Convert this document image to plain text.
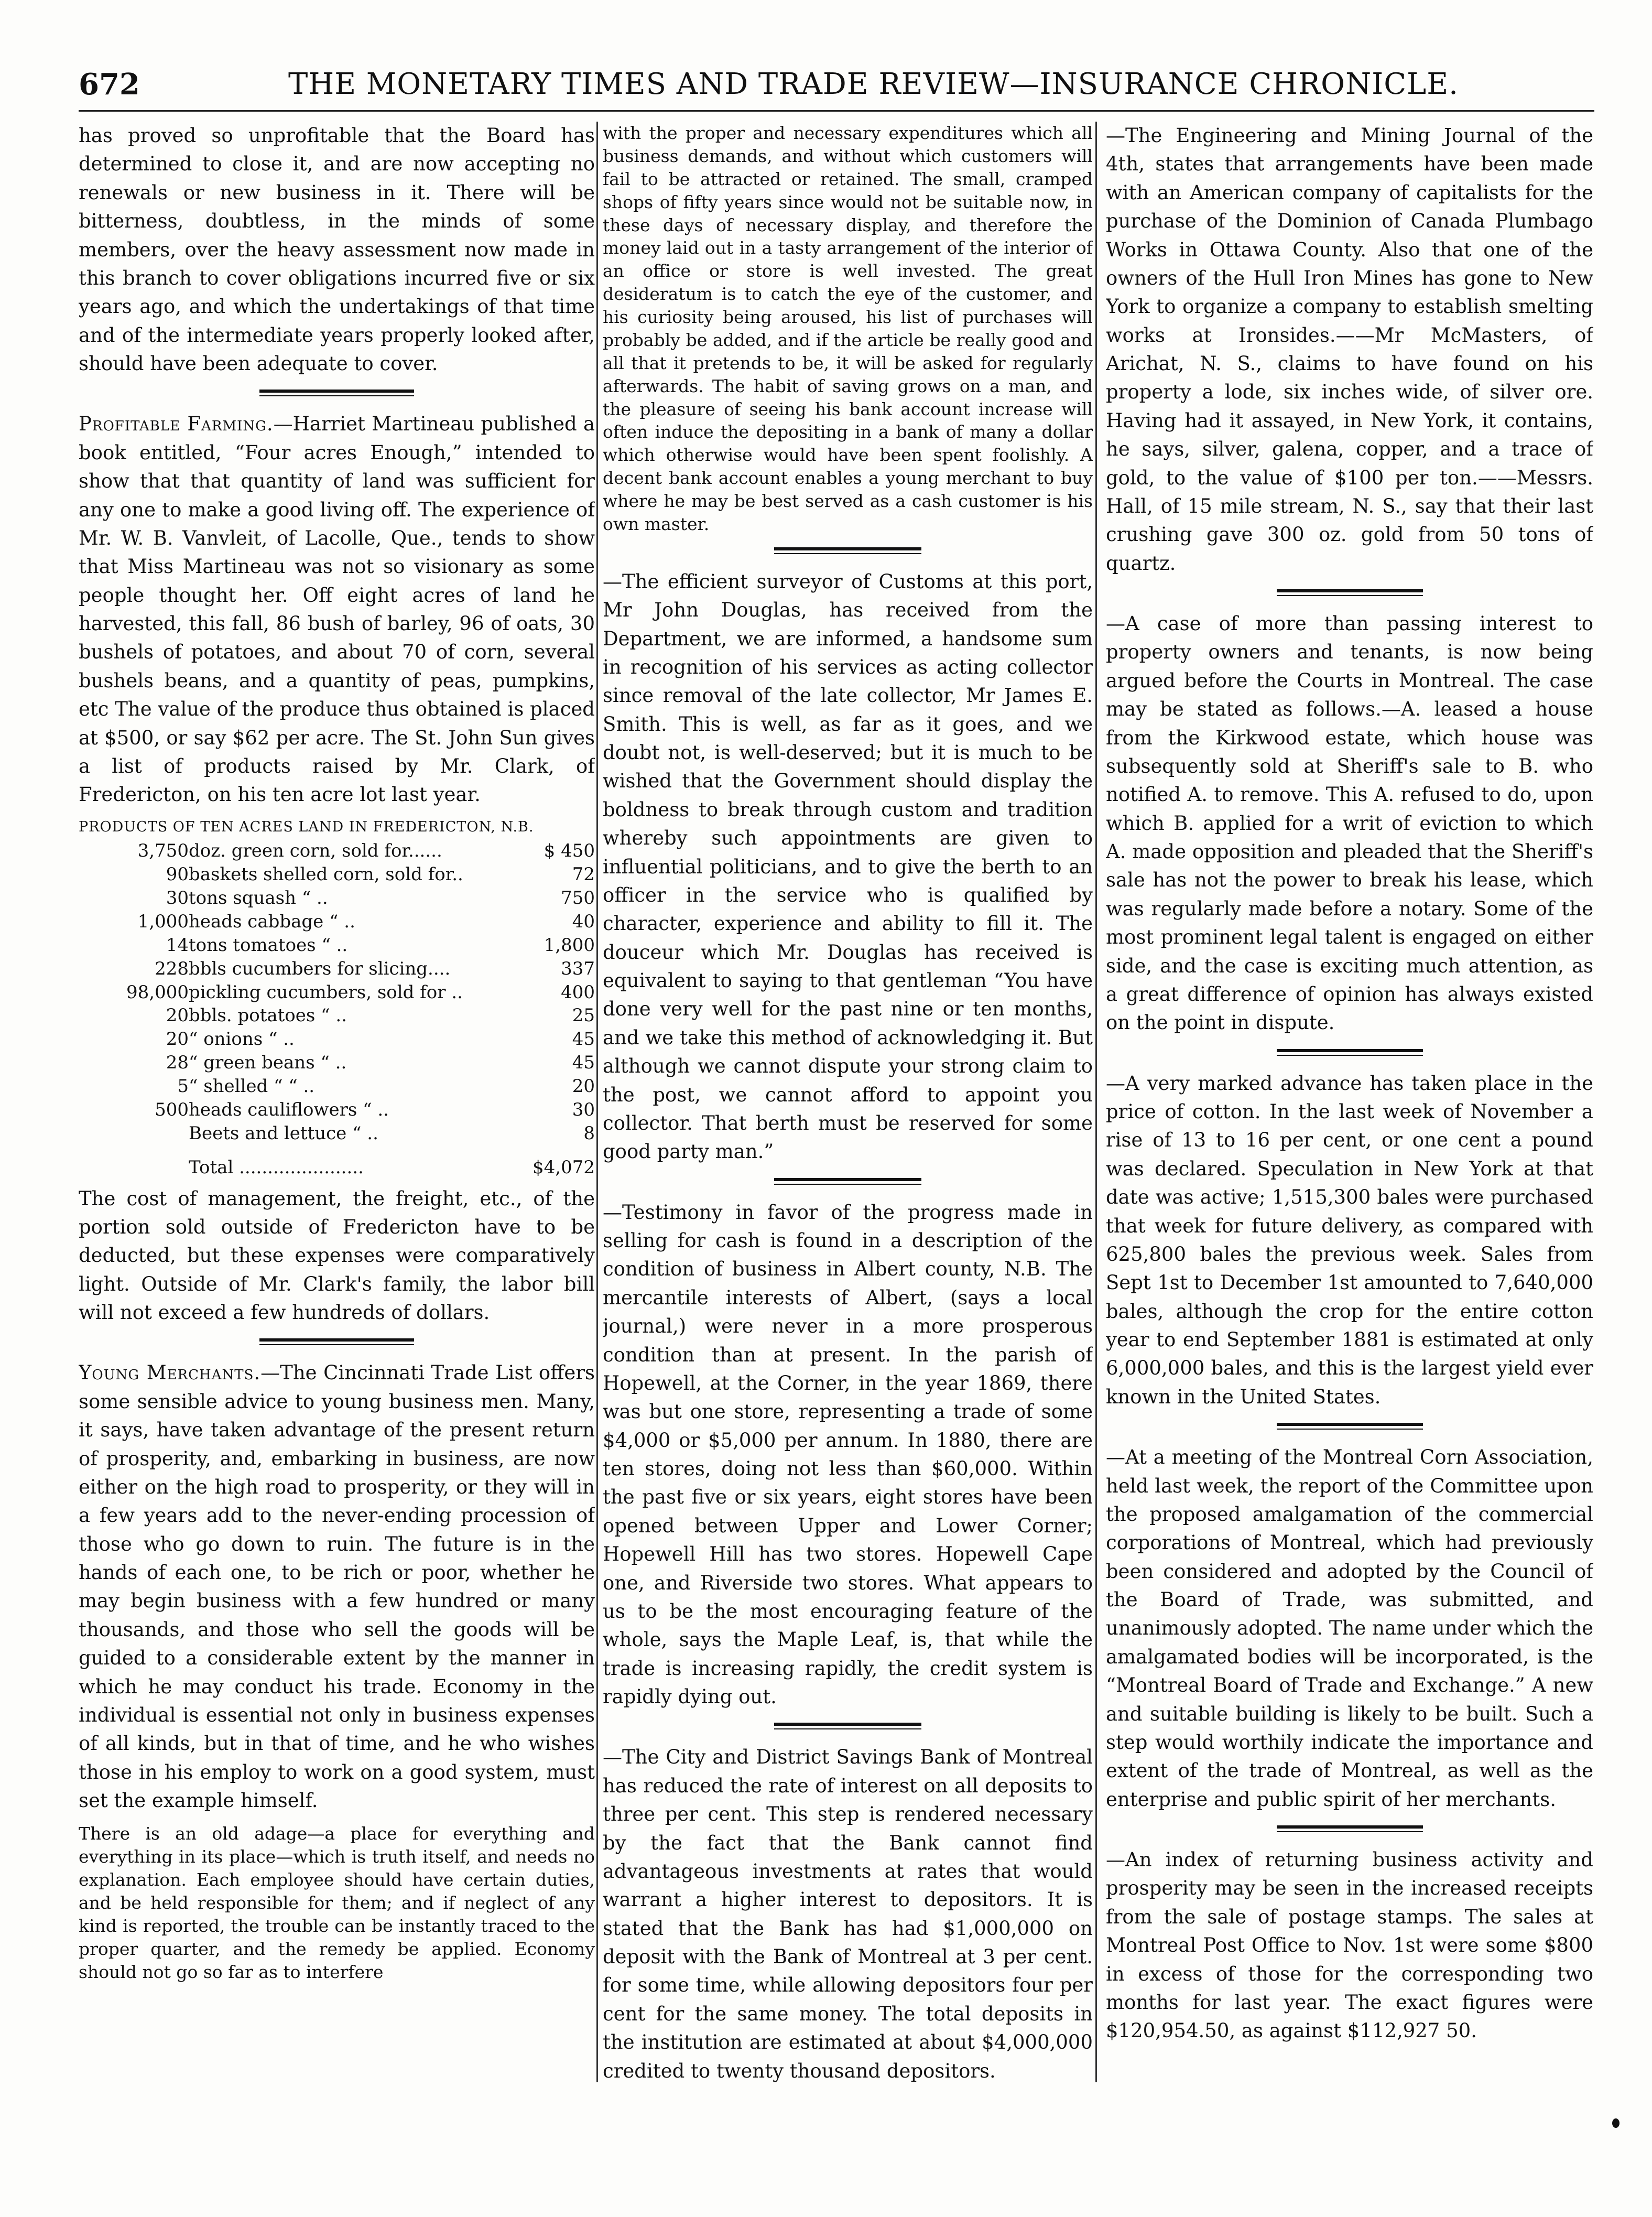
672	THE MONETARY TIMES AND TRADE REVIEW—INSURANCE CHRONICLE.

has proved so unprofitable that the Board has determined to close it, and are now accepting no renewals or new business in it. There will be bitterness, doubtless, in the minds of some members, over the heavy assessment now made in this branch to cover obligations incurred five or six years ago, and which the undertakings of that time and of the intermediate years properly looked after, should have been adequate to cover.

Profitable Farming.—Harriet Martineau published a book entitled, “Four acres Enough,” intended to show that that quantity of land was sufficient for any one to make a good living off. The experience of Mr. W. B. Vanvleit, of Lacolle, Que., tends to show that Miss Martineau was not so visionary as some people thought her. Off eight acres of land he harvested, this fall, 86 bush of barley, 96 of oats, 30 bushels of potatoes, and about 70 of corn, several bushels beans, and a quantity of peas, pumpkins, etc The value of the produce thus obtained is placed at $500, or say $62 per acre. The St. John Sun gives a list of products raised by Mr. Clark, of Fredericton, on his ten acre lot last year.

PRODUCTS OF TEN ACRES LAND IN FREDERICTON, N.B.
3,750	doz. green corn, sold for......	$ 450
90	baskets shelled corn, sold for..	72
30	tons squash “ ..	750
1,000	heads cabbage “ ..	40
14	tons tomatoes “ ..	1,800
228	bbls cucumbers for slicing....	337
98,000	pickling cucumbers, sold for ..	400
20	bbls. potatoes “ ..	25
20	“ onions “ ..	45
28	“ green beans “ ..	45
5	“ shelled “ “ ..	20
500	heads cauliflowers “ ..	30
	Beets and lettuce “ ..	8
	Total ......................	$4,072

The cost of management, the freight, etc., of the portion sold outside of Fredericton have to be deducted, but these expenses were comparatively light. Outside of Mr. Clark's family, the labor bill will not exceed a few hundreds of dollars.

Young Merchants.—The Cincinnati Trade List offers some sensible advice to young business men. Many, it says, have taken advantage of the present return of prosperity, and, embarking in business, are now either on the high road to prosperity, or they will in a few years add to the never-ending procession of those who go down to ruin. The future is in the hands of each one, to be rich or poor, whether he may begin business with a few hundred or many thousands, and those who sell the goods will be guided to a considerable extent by the manner in which he may conduct his trade. Economy in the individual is essential not only in business expenses of all kinds, but in that of time, and he who wishes those in his employ to work on a good system, must set the example himself.

There is an old adage—a place for everything and everything in its place—which is truth itself, and needs no explanation. Each employee should have certain duties, and be held responsible for them; and if neglect of any kind is reported, the trouble can be instantly traced to the proper quarter, and the remedy be applied. Economy should not go so far as to interfere

with the proper and necessary expenditures which all business demands, and without which customers will fail to be attracted or retained. The small, cramped shops of fifty years since would not be suitable now, in these days of necessary display, and therefore the money laid out in a tasty arrangement of the interior of an office or store is well invested. The great desideratum is to catch the eye of the customer, and his curiosity being aroused, his list of purchases will probably be added, and if the article be really good and all that it pretends to be, it will be asked for regularly afterwards. The habit of saving grows on a man, and the pleasure of seeing his bank account increase will often induce the depositing in a bank of many a dollar which otherwise would have been spent foolishly. A decent bank account enables a young merchant to buy where he may be best served as a cash customer is his own master.

—The efficient surveyor of Customs at this port, Mr John Douglas, has received from the Department, we are informed, a handsome sum in recognition of his services as acting collector since removal of the late collector, Mr James E. Smith. This is well, as far as it goes, and we doubt not, is well-deserved; but it is much to be wished that the Government should display the boldness to break through custom and tradition whereby such appointments are given to influential politicians, and to give the berth to an officer in the service who is qualified by character, experience and ability to fill it. The douceur which Mr. Douglas has received is equivalent to saying to that gentleman “You have done very well for the past nine or ten months, and we take this method of acknowledging it. But although we cannot dispute your strong claim to the post, we cannot afford to appoint you collector. That berth must be reserved for some good party man.”

—Testimony in favor of the progress made in selling for cash is found in a description of the condition of business in Albert county, N.B. The mercantile interests of Albert, (says a local journal,) were never in a more prosperous condition than at present. In the parish of Hopewell, at the Corner, in the year 1869, there was but one store, representing a trade of some $4,000 or $5,000 per annum. In 1880, there are ten stores, doing not less than $60,000. Within the past five or six years, eight stores have been opened between Upper and Lower Corner; Hopewell Hill has two stores. Hopewell Cape one, and Riverside two stores. What appears to us to be the most encouraging feature of the whole, says the Maple Leaf, is, that while the trade is increasing rapidly, the credit system is rapidly dying out.

—The City and District Savings Bank of Montreal has reduced the rate of interest on all deposits to three per cent. This step is rendered necessary by the fact that the Bank cannot find advantageous investments at rates that would warrant a higher interest to depositors. It is stated that the Bank has had $1,000,000 on deposit with the Bank of Montreal at 3 per cent. for some time, while allowing depositors four per cent for the same money. The total deposits in the institution are estimated at about $4,000,000 credited to twenty thousand depositors.

—The Engineering and Mining Journal of the 4th, states that arrangements have been made with an American company of capitalists for the purchase of the Dominion of Canada Plumbago Works in Ottawa County. Also that one of the owners of the Hull Iron Mines has gone to New York to organize a company to establish smelting works at Ironsides.——Mr McMasters, of Arichat, N. S., claims to have found on his property a lode, six inches wide, of silver ore. Having had it assayed, in New York, it contains, he says, silver, galena, copper, and a trace of gold, to the value of $100 per ton.——Messrs. Hall, of 15 mile stream, N. S., say that their last crushing gave 300 oz. gold from 50 tons of quartz.

—A case of more than passing interest to property owners and tenants, is now being argued before the Courts in Montreal. The case may be stated as follows.—A. leased a house from the Kirkwood estate, which house was subsequently sold at Sheriff's sale to B. who notified A. to remove. This A. refused to do, upon which B. applied for a writ of eviction to which A. made opposition and pleaded that the Sheriff's sale has not the power to break his lease, which was regularly made before a notary. Some of the most prominent legal talent is engaged on either side, and the case is exciting much attention, as a great difference of opinion has always existed on the point in dispute.

—A very marked advance has taken place in the price of cotton. In the last week of November a rise of 13 to 16 per cent, or one cent a pound was declared. Speculation in New York at that date was active; 1,515,300 bales were purchased that week for future delivery, as compared with 625,800 bales the previous week. Sales from Sept 1st to December 1st amounted to 7,640,000 bales, although the crop for the entire cotton year to end September 1881 is estimated at only 6,000,000 bales, and this is the largest yield ever known in the United States.

—At a meeting of the Montreal Corn Association, held last week, the report of the Committee upon the proposed amalgamation of the commercial corporations of Montreal, which had previously been considered and adopted by the Council of the Board of Trade, was submitted, and unanimously adopted. The name under which the amalgamated bodies will be incorporated, is the “Montreal Board of Trade and Exchange.” A new and suitable building is likely to be built. Such a step would worthily indicate the importance and extent of the trade of Montreal, as well as the enterprise and public spirit of her merchants.

—An index of returning business activity and prosperity may be seen in the increased receipts from the sale of postage stamps. The sales at Montreal Post Office to Nov. 1st were some $800 in excess of those for the corresponding two months for last year. The exact figures were $120,954.50, as against $112,927 50.
